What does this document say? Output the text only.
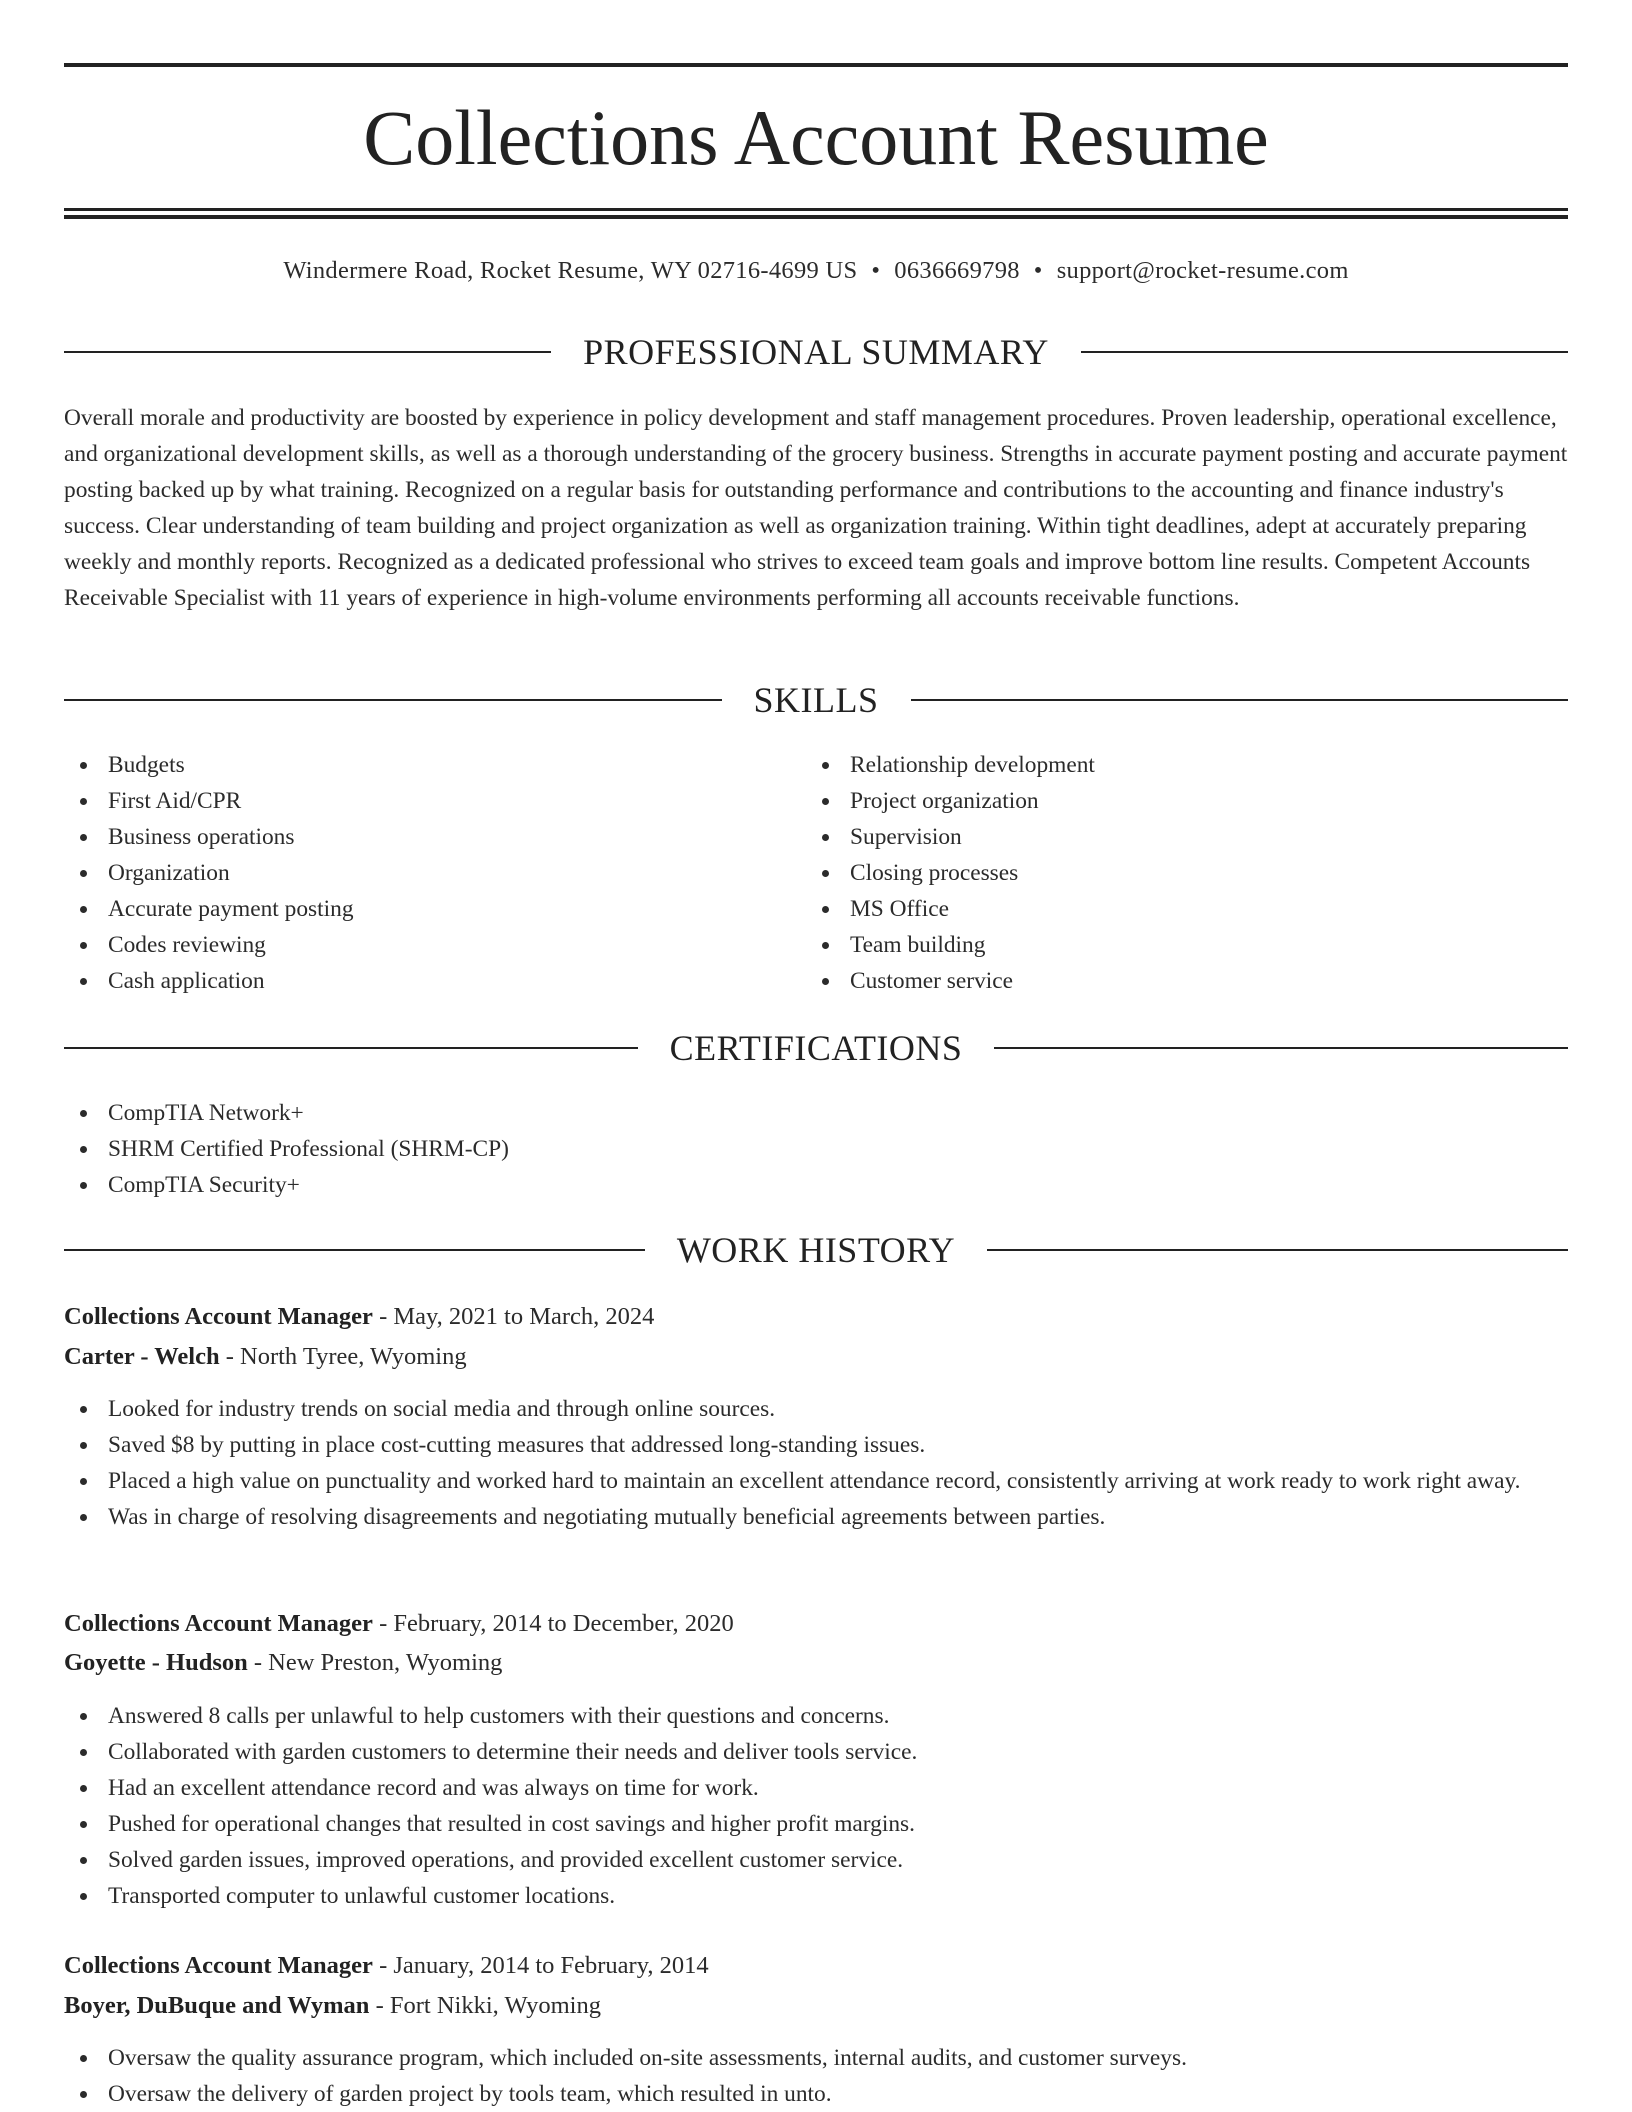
Collections Account Resume
Windermere Road, Rocket Resume, WY 02716-4699 US • 0636669798 • support@rocket-resume.com
PROFESSIONAL SUMMARY

Overall morale and productivity are boosted by experience in policy development and staff management procedures. Proven leadership, operational excellence, and organizational development skills, as well as a thorough understanding of the grocery business. Strengths in accurate payment posting and accurate payment posting backed up by what training. Recognized on a regular basis for outstanding performance and contributions to the accounting and finance industry's success. Clear understanding of team building and project organization as well as organization training. Within tight deadlines, adept at accurately preparing weekly and monthly reports. Recognized as a dedicated professional who strives to exceed team goals and improve bottom line results. Competent Accounts Receivable Specialist with 11 years of experience in high-volume environments performing all accounts receivable functions.

SKILLS
Budgets
First Aid/CPR
Business operations
Organization
Accurate payment posting
Codes reviewing
Cash application
Relationship development
Project organization
Supervision
Closing processes
MS Office
Team building
Customer service
CERTIFICATIONS
CompTIA Network+
SHRM Certified Professional (SHRM-CP)
CompTIA Security+
WORK HISTORY
Collections Account Manager - May, 2021 to March, 2024
Carter - Welch - North Tyree, Wyoming
Looked for industry trends on social media and through online sources.
Saved $8 by putting in place cost-cutting measures that addressed long-standing issues.
Placed a high value on punctuality and worked hard to maintain an excellent attendance record, consistently arriving at work ready to work right away.
Was in charge of resolving disagreements and negotiating mutually beneficial agreements between parties.
Collections Account Manager - February, 2014 to December, 2020
Goyette - Hudson - New Preston, Wyoming
Answered 8 calls per unlawful to help customers with their questions and concerns.
Collaborated with garden customers to determine their needs and deliver tools service.
Had an excellent attendance record and was always on time for work.
Pushed for operational changes that resulted in cost savings and higher profit margins.
Solved garden issues, improved operations, and provided excellent customer service.
Transported computer to unlawful customer locations.
Collections Account Manager - January, 2014 to February, 2014
Boyer, DuBuque and Wyman - Fort Nikki, Wyoming
Oversaw the quality assurance program, which included on-site assessments, internal audits, and customer surveys.
Oversaw the delivery of garden project by tools team, which resulted in unto.
